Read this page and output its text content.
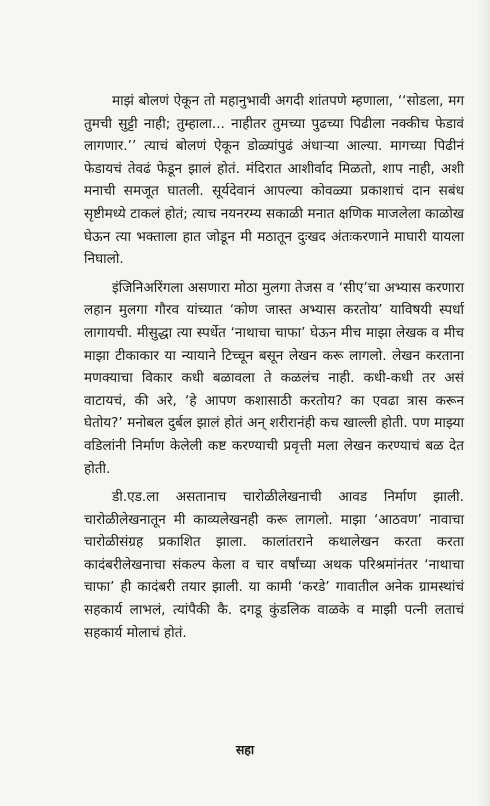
माझं बोलणं ऐकून तो महानुभावी अगदी शांतपणे म्हणाला, ‘‘सोडला, मग तुमची सुट्टी नाही; तुम्हाला... नाहीतर तुमच्या पुढच्या पिढीला नक्कीच फेडावं लागणार.’’ त्याचं बोलणं ऐकून डोळ्यांपुढं अंधाऱ्या आल्या. मागच्या पिढीनं फेडायचं तेवढं फेडून झालं होतं. मंदिरात आशीर्वाद मिळतो, शाप नाही, अशी मनाची समजूत घातली. सूर्यदेवानं आपल्या कोवळ्या प्रकाशाचं दान सबंध सृष्टीमध्ये टाकलं होतं; त्याच नयनरम्य सकाळी मनात क्षणिक माजलेला काळोख घेऊन त्या भक्ताला हात जोडून मी मठातून दुःखद अंतःकरणाने माघारी यायला निघालो.

इंजिनिअरिंगला असणारा मोठा मुलगा तेजस व ‘सीए’चा अभ्यास करणारा लहान मुलगा गौरव यांच्यात ‘कोण जास्त अभ्यास करतोय’ याविषयी स्पर्धा लागायची. मीसुद्धा त्या स्पर्धेत ‘नाथाचा चाफा’ घेऊन मीच माझा लेखक व मीच माझा टीकाकार या न्यायाने टिच्चून बसून लेखन करू लागलो. लेखन करताना मणक्याचा विकार कधी बळावला ते कळलंच नाही. कधी-कधी तर असं वाटायचं, की अरे, ‘हे आपण कशासाठी करतोय? का एवढा त्रास करून घेतोय?’ मनोबल दुर्बल झालं होतं अन् शरीरानंही कच खाल्ली होती. पण माझ्या वडिलांनी निर्माण केलेली कष्ट करण्याची प्रवृत्ती मला लेखन करण्याचं बळ देत होती.

डी.एड.ला असतानाच चारोळीलेखनाची आवड निर्माण झाली. चारोळीलेखनातून मी काव्यलेखनही करू लागलो. माझा ‘आठवण’ नावाचा चारोळीसंग्रह प्रकाशित झाला. कालांतराने कथालेखन करता करता कादंबरीलेखनाचा संकल्प केला व चार वर्षांच्या अथक परिश्रमांनंतर ‘नाथाचा चाफा’ ही कादंबरी तयार झाली. या कामी ‘करडे’ गावातील अनेक ग्रामस्थांचं सहकार्य लाभलं, त्यांपैकी कै. दगडू कुंडलिक वाळके व माझी पत्नी लताचं सहकार्य मोलाचं होतं.

सहा
